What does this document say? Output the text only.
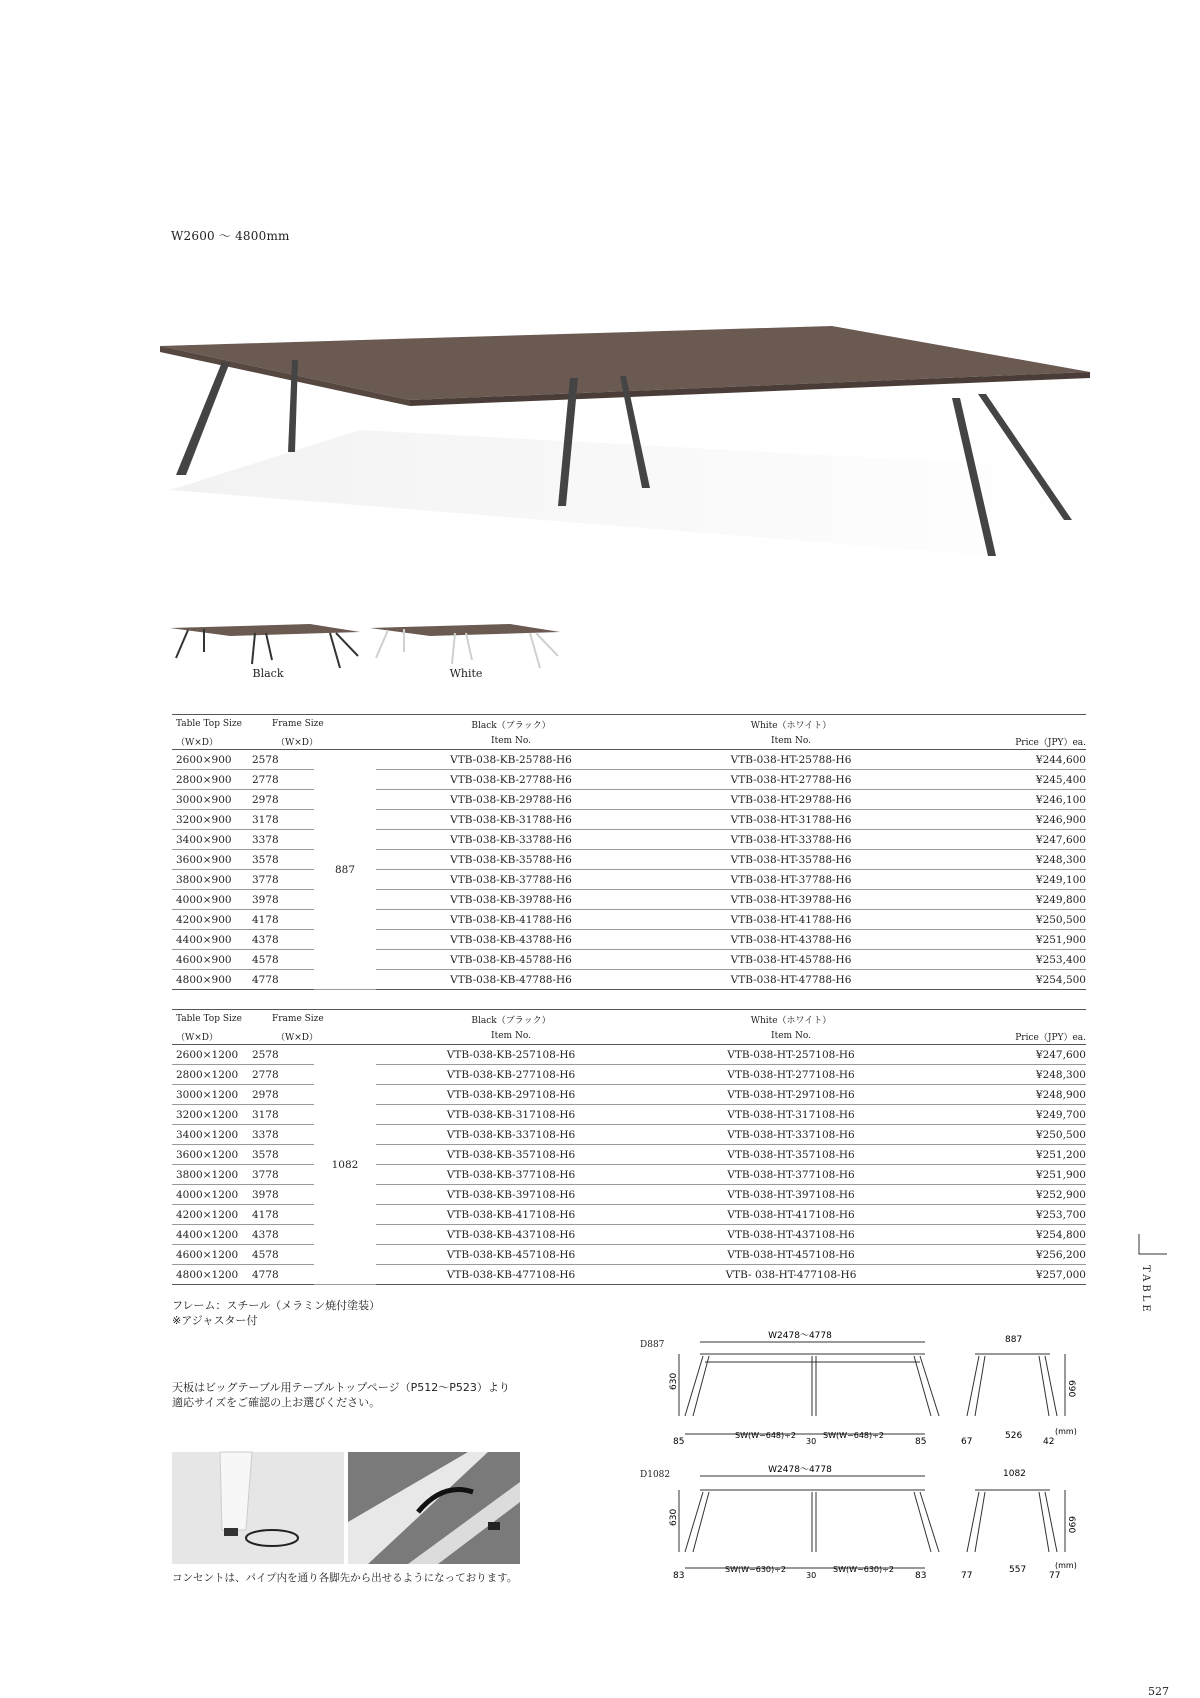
W2600 〜 4800mm
Black	White
Table Top Size	Frame Size		Black（ブラック）	White（ホワイト）	
（W×D）	（W×D）		Item No.	Item No.	Price（JPY）ea.
2600×900	2578	887	VTB-038-KB-25788-H6	VTB-038-HT-25788-H6	¥244,600
2800×900	2778		VTB-038-KB-27788-H6	VTB-038-HT-27788-H6	¥245,400
3000×900	2978		VTB-038-KB-29788-H6	VTB-038-HT-29788-H6	¥246,100
3200×900	3178		VTB-038-KB-31788-H6	VTB-038-HT-31788-H6	¥246,900
3400×900	3378		VTB-038-KB-33788-H6	VTB-038-HT-33788-H6	¥247,600
3600×900	3578		VTB-038-KB-35788-H6	VTB-038-HT-35788-H6	¥248,300
3800×900	3778		VTB-038-KB-37788-H6	VTB-038-HT-37788-H6	¥249,100
4000×900	3978		VTB-038-KB-39788-H6	VTB-038-HT-39788-H6	¥249,800
4200×900	4178		VTB-038-KB-41788-H6	VTB-038-HT-41788-H6	¥250,500
4400×900	4378		VTB-038-KB-43788-H6	VTB-038-HT-43788-H6	¥251,900
4600×900	4578		VTB-038-KB-45788-H6	VTB-038-HT-45788-H6	¥253,400
4800×900	4778		VTB-038-KB-47788-H6	VTB-038-HT-47788-H6	¥254,500
Table Top Size	Frame Size		Black（ブラック）	White（ホワイト）	
（W×D）	（W×D）		Item No.	Item No.	Price（JPY）ea.
2600×1200	2578	1082	VTB-038-KB-257108-H6	VTB-038-HT-257108-H6	¥247,600
2800×1200	2778		VTB-038-KB-277108-H6	VTB-038-HT-277108-H6	¥248,300
3000×1200	2978		VTB-038-KB-297108-H6	VTB-038-HT-297108-H6	¥248,900
3200×1200	3178		VTB-038-KB-317108-H6	VTB-038-HT-317108-H6	¥249,700
3400×1200	3378		VTB-038-KB-337108-H6	VTB-038-HT-337108-H6	¥250,500
3600×1200	3578		VTB-038-KB-357108-H6	VTB-038-HT-357108-H6	¥251,200
3800×1200	3778		VTB-038-KB-377108-H6	VTB-038-HT-377108-H6	¥251,900
4000×1200	3978		VTB-038-KB-397108-H6	VTB-038-HT-397108-H6	¥252,900
4200×1200	4178		VTB-038-KB-417108-H6	VTB-038-HT-417108-H6	¥253,700
4400×1200	4378		VTB-038-KB-437108-H6	VTB-038-HT-437108-H6	¥254,800
4600×1200	4578		VTB-038-KB-457108-H6	VTB-038-HT-457108-H6	¥256,200
4800×1200	4778		VTB-038-KB-477108-H6	VTB- 038-HT-477108-H6	¥257,000
フレーム：スチール（メラミン焼付塗装）
※アジャスター付
天板はビッグテーブル用テーブルトップページ（P512〜P523）より
適応サイズをご確認の上お選びください。
コンセントは、パイプ内を通り各脚先から出せるようになっております。
D887
W2478〜4778
630
85
SW(W−648)÷2
30
SW(W−648)÷2
85
887
690
67
526
42
(mm)
D1082	W2478〜4778
630
83
SW(W−630)÷2
30
SW(W−630)÷2
83
1082
690
77
557
77
(mm)
TABLE
527
